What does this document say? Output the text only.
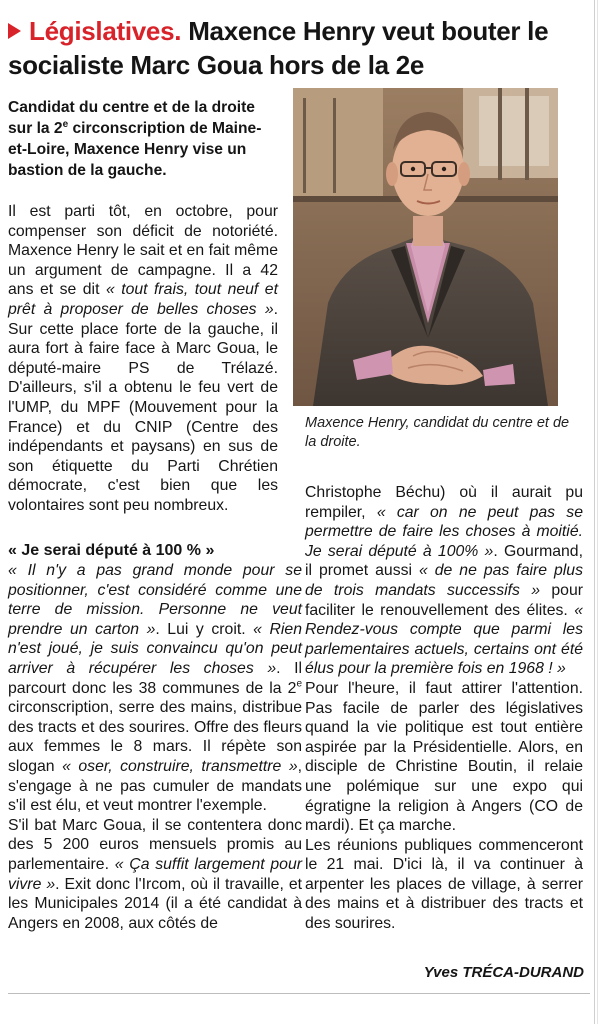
Législatives. Maxence Henry veut bouter le socialiste Marc Goua hors de la 2e
Candidat du centre et de la droite sur la 2e circonscription de Maine-et-Loire, Maxence Henry vise un bastion de la gauche.
Maxence Henry, candidat du centre et de la droite.

Il est parti tôt, en octobre, pour compenser son déficit de notoriété. Maxence Henry le sait et en fait même un argument de campagne. Il a 42 ans et se dit « tout frais, tout neuf et prêt à proposer de belles choses ». Sur cette place forte de la gauche, il aura fort à faire face à Marc Goua, le député-maire PS de Trélazé. D'ailleurs, s'il a obtenu le feu vert de l'UMP, du MPF (Mouvement pour la France) et du CNIP (Centre des indépendants et paysans) en sus de son étiquette du Parti Chrétien démocrate, c'est bien que les volontaires sont peu nombreux.

« Je serai député à 100 % »

« Il n'y a pas grand monde pour se positionner, c'est considéré comme une terre de mission. Personne ne veut prendre un carton ». Lui y croit. « Rien n'est joué, je suis convaincu qu'on peut arriver à récupérer les choses ». Il parcourt donc les 38 communes de la 2e circonscription, serre des mains, distribue des tracts et des sourires. Offre des fleurs aux femmes le 8 mars. Il répète son slogan « oser, construire, transmettre », s'engage à ne pas cumuler de mandats s'il est élu, et veut montrer l'exemple.

S'il bat Marc Goua, il se contentera donc des 5 200 euros mensuels promis au parlementaire. « Ça suffit largement pour vivre ». Exit donc l'Ircom, où il travaille, et les Municipales 2014 (il a été candidat à Angers en 2008, aux côtés de

Christophe Béchu) où il aurait pu rempiler, « car on ne peut pas se permettre de faire les choses à moitié. Je serai député à 100% ». Gourmand, il promet aussi « de ne pas faire plus de trois mandats successifs » pour faciliter le renouvellement des élites. « Rendez-vous compte que parmi les parlementaires actuels, certains ont été élus pour la première fois en 1968 ! »

Pour l'heure, il faut attirer l'attention. Pas facile de parler des législatives quand la vie politique est tout entière aspirée par la Présidentielle. Alors, en disciple de Christine Boutin, il relaie une polémique sur une expo qui égratigne la religion à Angers (CO de mardi). Et ça marche.

Les réunions publiques commenceront le 21 mai. D'ici là, il va continuer à arpenter les places de village, à serrer des mains et à distribuer des tracts et des sourires.

Yves TRÉCA-DURAND
